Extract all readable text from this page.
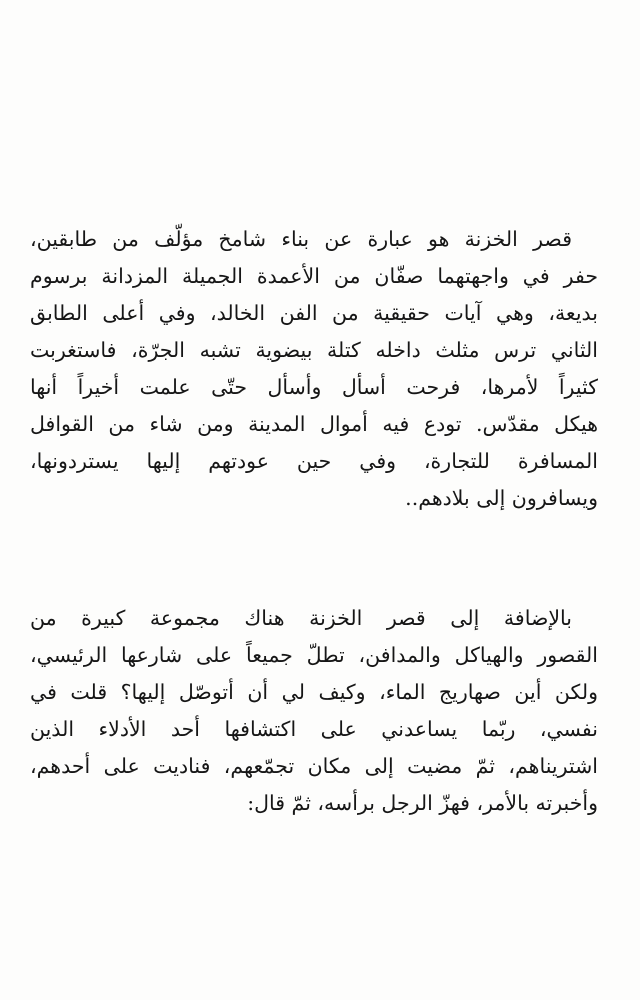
قصر الخزنة هو عبارة عن بناء شامخ مؤلّف من طابقين،
حفر في واجهتهما صفّان من الأعمدة الجميلة المزدانة برسوم
بديعة، وهي آيات حقيقية من الفن الخالد، وفي أعلى الطابق
الثاني ترس مثلث داخله كتلة بيضوية تشبه الجرّة، فاستغربت
كثيراً لأمرها، فرحت أسأل وأسأل حتّى علمت أخيراً أنها
هيكل مقدّس. تودع فيه أموال المدينة ومن شاء من القوافل
المسافرة للتجارة، وفي حين عودتهم إليها يستردونها،
ويسافرون إلى بلادهم..
بالإضافة إلى قصر الخزنة هناك مجموعة كبيرة من
القصور والهياكل والمدافن، تطلّ جميعاً على شارعها الرئيسي،
ولكن أين صهاريج الماء، وكيف لي أن أتوصّل إليها؟ قلت في
نفسي، ربّما يساعدني على اكتشافها أحد الأدلاء الذين
اشتريناهم، ثمّ مضيت إلى مكان تجمّعهم، فناديت على أحدهم،
وأخبرته بالأمر، فهزّ الرجل برأسه، ثمّ قال:
